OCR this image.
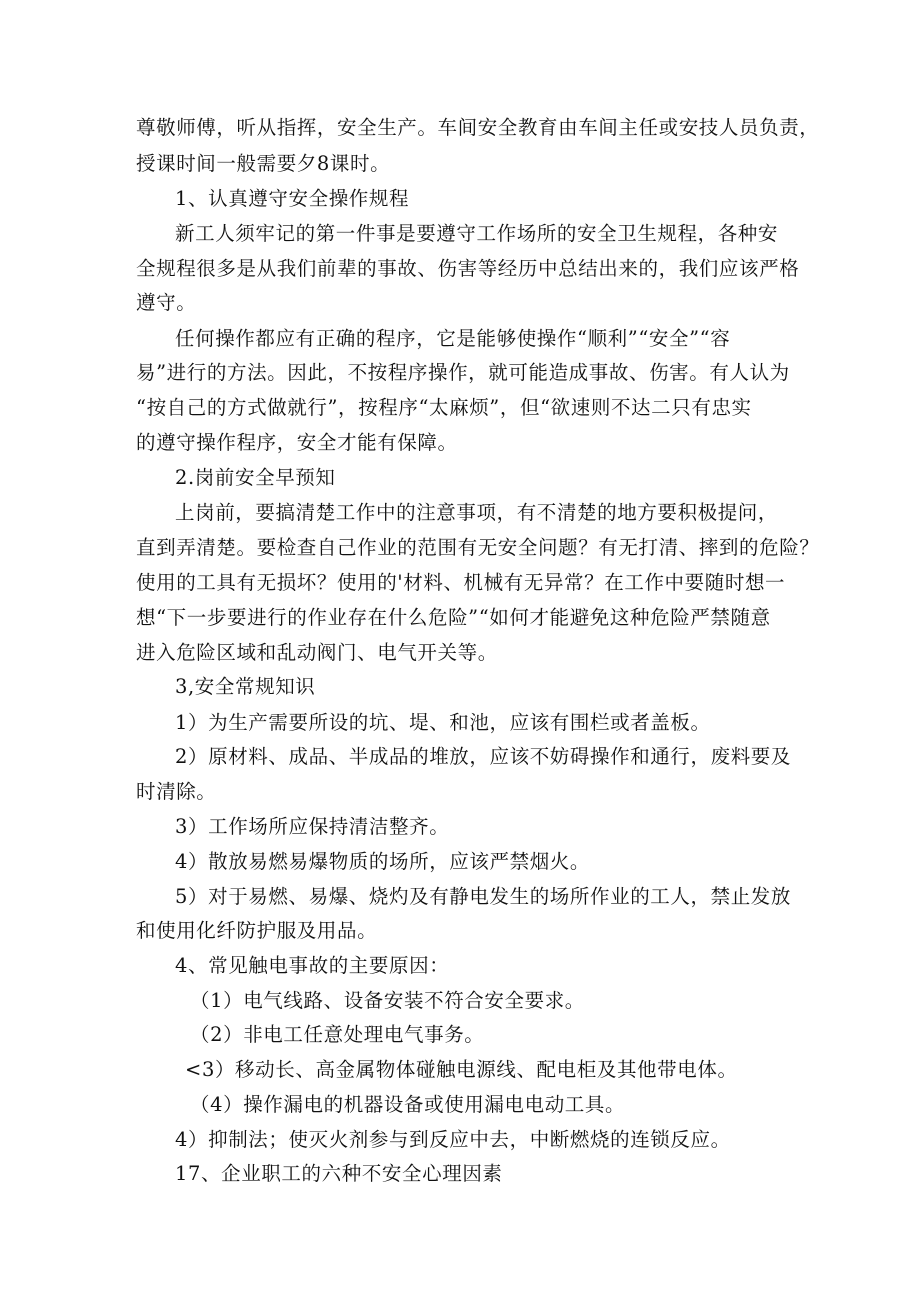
尊敬师傅，听从指挥，安全生产。车间安全教育由车间主任或安技人员负责，
授课时间一般需要夕8课时。
1、认真遵守安全操作规程
新工人须牢记的第一件事是要遵守工作场所的安全卫生规程，各种安
全规程很多是从我们前辈的事故、伤害等经历中总结出来的，我们应该严格
遵守。
任何操作都应有正确的程序，它是能够使操作“顺利”“安全”“容
易”进行的方法。因此，不按程序操作，就可能造成事故、伤害。有人认为
“按自己的方式做就行”，按程序“太麻烦”，但“欲速则不达二只有忠实
的遵守操作程序，安全才能有保障。
2.岗前安全早预知
上岗前，要搞清楚工作中的注意事项，有不清楚的地方要积极提问，
直到弄清楚。要检查自己作业的范围有无安全问题？有无打清、摔到的危险？
使用的工具有无损坏？使用的'材料、机械有无异常？在工作中要随时想一
想“下一步要进行的作业存在什么危险”“如何才能避免这种危险严禁随意
进入危险区域和乱动阀门、电气开关等。
3,安全常规知识
1）为生产需要所设的坑、堤、和池，应该有围栏或者盖板。
2）原材料、成品、半成品的堆放，应该不妨碍操作和通行，废料要及
时清除。
3）工作场所应保持清洁整齐。
4）散放易燃易爆物质的场所，应该严禁烟火。
5）对于易燃、易爆、烧灼及有静电发生的场所作业的工人，禁止发放
和使用化纤防护服及用品。
4、常见触电事故的主要原因：
（1）电气线路、设备安装不符合安全要求。
（2）非电工任意处理电气事务。
<3）移动长、高金属物体碰触电源线、配电柜及其他带电体。
（4）操作漏电的机器设备或使用漏电电动工具。
4）抑制法；使灭火剂参与到反应中去，中断燃烧的连锁反应。
17、企业职工的六种不安全心理因素
